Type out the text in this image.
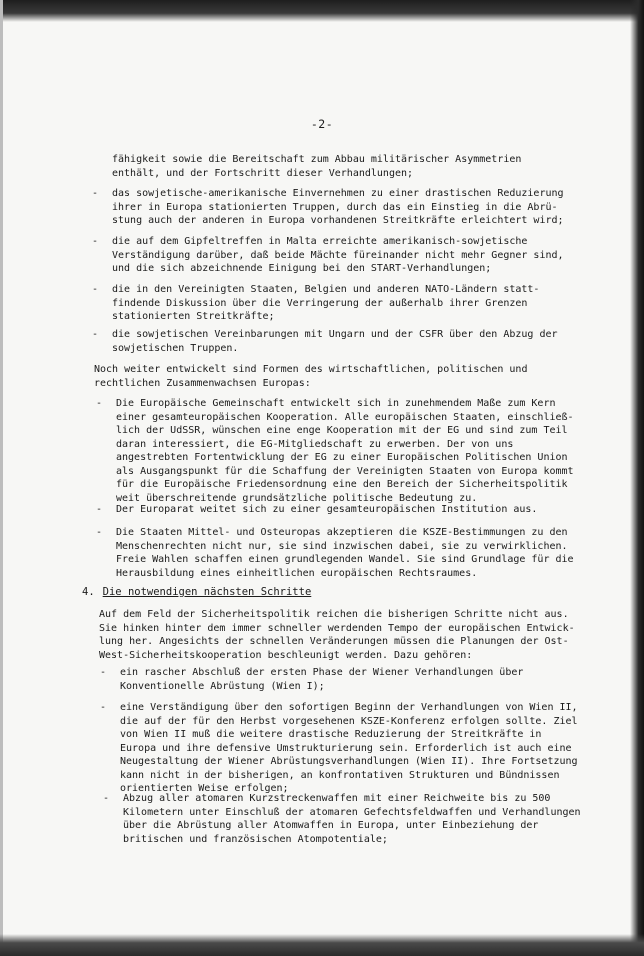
-2-
fähigkeit sowie die Bereitschaft zum Abbau militärischer Asymmetrien
enthält, und der Fortschritt dieser Verhandlungen;
- das sowjetische-amerikanische Einvernehmen zu einer drastischen Reduzierung
ihrer in Europa stationierten Truppen, durch das ein Einstieg in die Abrü-
stung auch der anderen in Europa vorhandenen Streitkräfte erleichtert wird;
- die auf dem Gipfeltreffen in Malta erreichte amerikanisch-sowjetische
Verständigung darüber, daß beide Mächte füreinander nicht mehr Gegner sind,
und die sich abzeichnende Einigung bei den START-Verhandlungen;
- die in den Vereinigten Staaten, Belgien und anderen NATO-Ländern statt-
findende Diskussion über die Verringerung der außerhalb ihrer Grenzen
stationierten Streitkräfte;
- die sowjetischen Vereinbarungen mit Ungarn und der CSFR über den Abzug der
sowjetischen Truppen.
Noch weiter entwickelt sind Formen des wirtschaftlichen, politischen und
rechtlichen Zusammenwachsen Europas:
- Die Europäische Gemeinschaft entwickelt sich in zunehmendem Maße zum Kern
einer gesamteuropäischen Kooperation. Alle europäischen Staaten, einschließ-
lich der UdSSR, wünschen eine enge Kooperation mit der EG und sind zum Teil
daran interessiert, die EG-Mitgliedschaft zu erwerben. Der von uns
angestrebten Fortentwicklung der EG zu einer Europäischen Politischen Union
als Ausgangspunkt für die Schaffung der Vereinigten Staaten von Europa kommt
für die Europäische Friedensordnung eine den Bereich der Sicherheitspolitik
weit überschreitende grundsätzliche politische Bedeutung zu.
- Der Europarat weitet sich zu einer gesamteuropäischen Institution aus.
- Die Staaten Mittel- und Osteuropas akzeptieren die KSZE-Bestimmungen zu den
Menschenrechten nicht nur, sie sind inzwischen dabei, sie zu verwirklichen.
Freie Wahlen schaffen einen grundlegenden Wandel. Sie sind Grundlage für die
Herausbildung eines einheitlichen europäischen Rechtsraumes.
4. Die notwendigen nächsten Schritte
Auf dem Feld der Sicherheitspolitik reichen die bisherigen Schritte nicht aus.
Sie hinken hinter dem immer schneller werdenden Tempo der europäischen Entwick-
lung her. Angesichts der schnellen Veränderungen müssen die Planungen der Ost-
West-Sicherheitskooperation beschleunigt werden. Dazu gehören:
- ein rascher Abschluß der ersten Phase der Wiener Verhandlungen über
Konventionelle Abrüstung (Wien I);
- eine Verständigung über den sofortigen Beginn der Verhandlungen von Wien II,
die auf der für den Herbst vorgesehenen KSZE-Konferenz erfolgen sollte. Ziel
von Wien II muß die weitere drastische Reduzierung der Streitkräfte in
Europa und ihre defensive Umstrukturierung sein. Erforderlich ist auch eine
Neugestaltung der Wiener Abrüstungsverhandlungen (Wien II). Ihre Fortsetzung
kann nicht in der bisherigen, an konfrontativen Strukturen und Bündnissen
orientierten Weise erfolgen;
- Abzug aller atomaren Kurzstreckenwaffen mit einer Reichweite bis zu 500
Kilometern unter Einschluß der atomaren Gefechtsfeldwaffen und Verhandlungen
über die Abrüstung aller Atomwaffen in Europa, unter Einbeziehung der
britischen und französischen Atompotentiale;
